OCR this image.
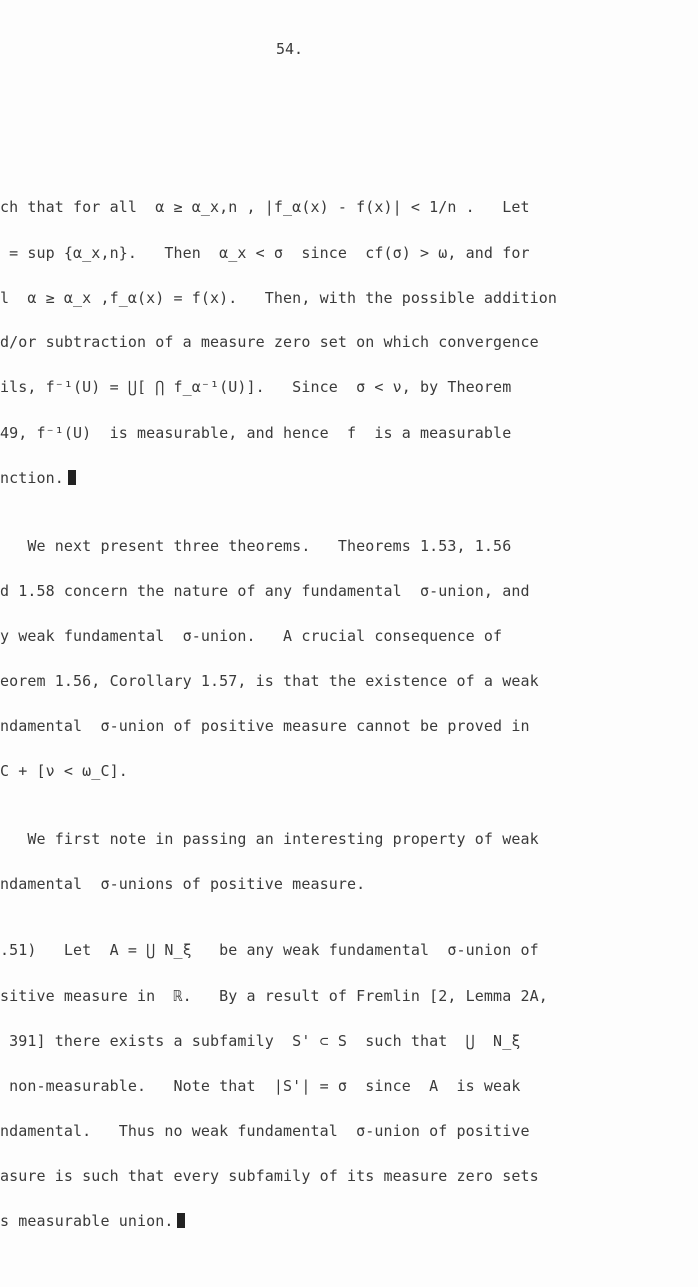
54.
ch that for all  α ≥ α_x,n , |f_α(x) - f(x)| < 1/n .   Let
= sup {α_x,n}.   Then  α_x < σ  since  cf(σ) > ω, and for
l  α ≥ α_x ,f_α(x) = f(x).   Then, with the possible addition
d/or subtraction of a measure zero set on which convergence
ils, f⁻¹(U) = ⋃[ ⋂ f_α⁻¹(U)].   Since  σ < ν, by Theorem
49, f⁻¹(U)  is measurable, and hence  f  is a measurable
nction.
We next present three theorems.   Theorems 1.53, 1.56
d 1.58 concern the nature of any fundamental  σ-union, and
y weak fundamental  σ-union.   A crucial consequence of
eorem 1.56, Corollary 1.57, is that the existence of a weak
ndamental  σ-union of positive measure cannot be proved in
C + [ν < ω_C].
We first note in passing an interesting property of weak
ndamental  σ-unions of positive measure.
.51)   Let  A = ⋃ N_ξ   be any weak fundamental  σ-union of
sitive measure in  ℝ.   By a result of Fremlin [2, Lemma 2A,
391] there exists a subfamily  S' ⊂ S  such that  ⋃  N_ξ
non-measurable.   Note that  |S'| = σ  since  A  is weak
ndamental.   Thus no weak fundamental  σ-union of positive
asure is such that every subfamily of its measure zero sets
s measurable union.
